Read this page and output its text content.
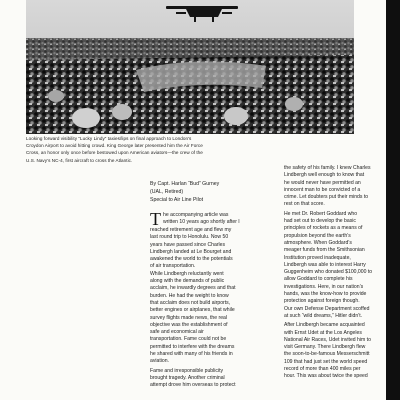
Looking forward visibility “Lucky Lindy” taxies/lips on final approach to London’s

Croydon Airport to avoid hitting crowd. King George later presented him the Air Force

Cross, an honor only once before bestowed upon American aviators—the crew of the

U.S. Navy’s NC-4, first aircraft to cross the Atlantic.

By Capt. Harlan “Bud” Gurney

(UAL, Retired)

Special to Air Line Pilot

T he accompanying article was

written 10 years ago shortly after I

reached retirement age and flew my

last round trip to Honolulu. Now 50

years have passed since Charles

Lindbergh landed at Le Bourget and

awakened the world to the potentials

of air transportation.

While Lindbergh reluctantly went

along with the demands of public

acclaim, he inwardly degrees and that

burden. He had the weight to know

that acclaim does not build airports,

better engines or airplanes, that while

survey flights made news, the real

objective was the establishment of

safe and economical air

transportation. Fame could not be

permitted to interfere with the dreams

he shared with many of his friends in

aviation.

Fame and irresponsible publicity

brought tragedy. Another criminal

attempt drove him overseas to protect

the safety of his family. I knew Charles

Lindbergh well enough to know that

he would never have permitted an

innocent man to be convicted of a

crime. Let doubters put their minds to

rest on that score.

He met Dr. Robert Goddard who

had set out to develop the basic

principles of rockets as a means of

propulsion beyond the earth’s

atmosphere. When Goddard’s

meager funds from the Smithsonian

Institution proved inadequate,

Lindbergh was able to interest Harry

Guggenheim who donated $100,000 to

allow Goddard to complete his

investigations. Here, in our nation’s

hands, was the know-how to provide

protection against foreign though.

Our own Defense Department scoffed

at such “wild dreams,” Hitler didn’t.

After Lindbergh became acquainted

with Ernst Udet at the Los Angeles

National Air Races, Udet invited him to

visit Germany. There Lindbergh flew

the soon-to-be-famous Messerschmitt

109 that had just set the world speed

record of more than 400 miles per

hour. This was about twice the speed
